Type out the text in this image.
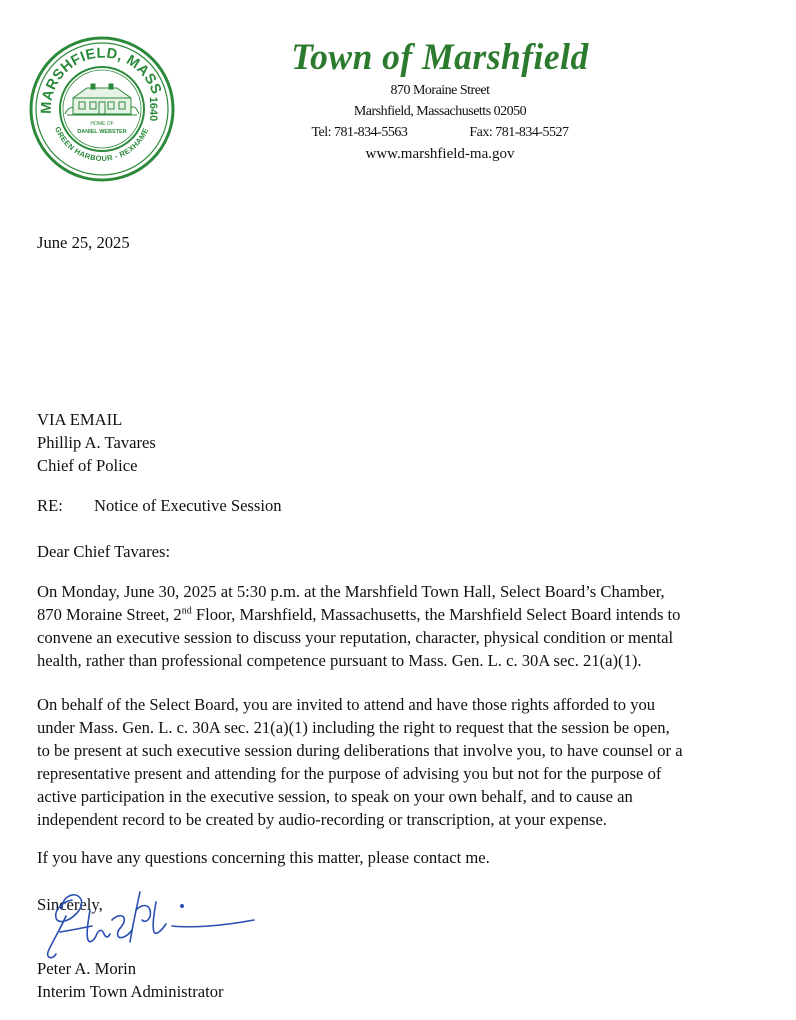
MARSHFIELD, MASS
GREEN HARBOUR - REXHAME
1640
HOME OF
DANIEL WEBSTER
Town of Marshfield
870 Moraine Street
Marshfield, Massachusetts 02050
Tel: 781-834-5563	Fax: 781-834-5527
www.marshfield-ma.gov

June 25, 2025

VIA EMAIL
Phillip A. Tavares
Chief of Police
RE: Notice of Executive Session

Dear Chief Tavares:

On Monday, June 30, 2025 at 5:30 p.m. at the Marshfield Town Hall, Select Board’s Chamber,
870 Moraine Street, 2nd Floor, Marshfield, Massachusetts, the Marshfield Select Board intends to
convene an executive session to discuss your reputation, character, physical condition or mental
health, rather than professional competence pursuant to Mass. Gen. L. c. 30A sec. 21(a)(1).
On behalf of the Select Board, you are invited to attend and have those rights afforded to you
under Mass. Gen. L. c. 30A sec. 21(a)(1) including the right to request that the session be open,
to be present at such executive session during deliberations that involve you, to have counsel or a
representative present and attending for the purpose of advising you but not for the purpose of
active participation in the executive session, to speak on your own behalf, and to cause an
independent record to be created by audio-recording or transcription, at your expense.

If you have any questions concerning this matter, please contact me.

Sincerely,

Peter A. Morin
Interim Town Administrator
